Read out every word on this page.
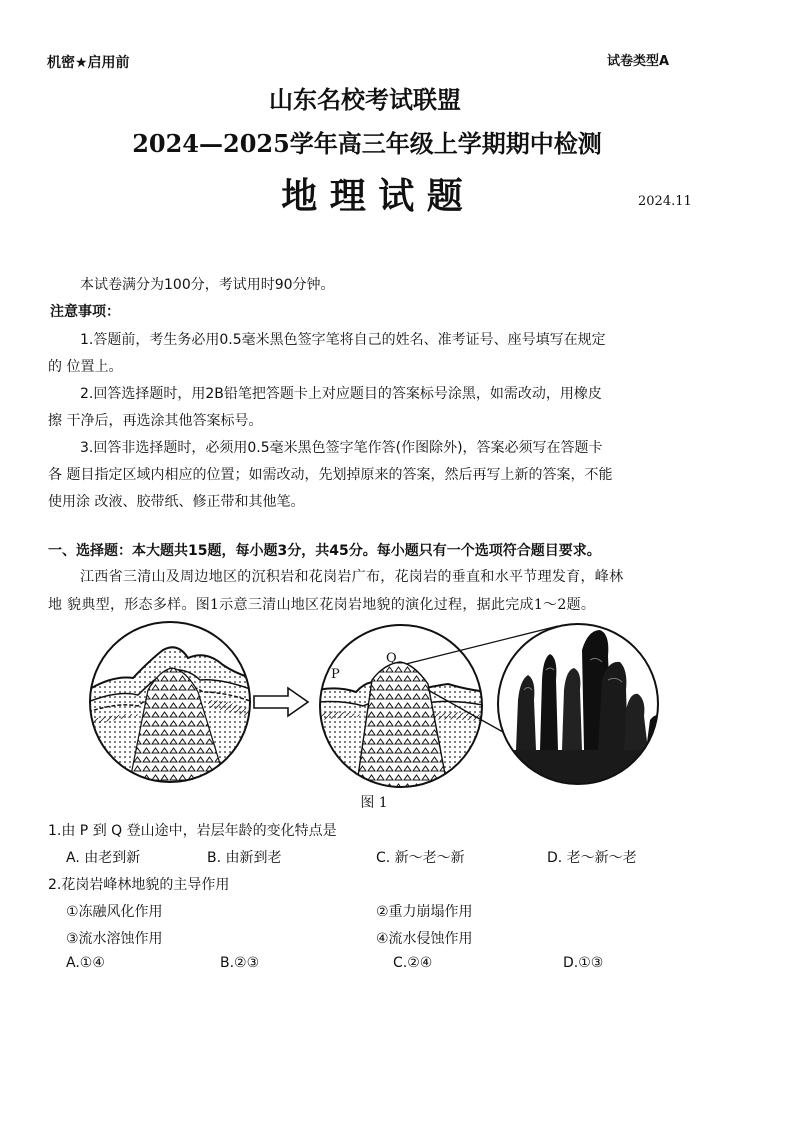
机密★启用前	试卷类型A
山东名校考试联盟
2024—2025学年高三年级上学期期中检测
地 理 试 题	2024.11
本试卷满分为100分，考试用时90分钟。
注意事项：
1.答题前，考生务必用0.5毫米黑色签字笔将自己的姓名、准考证号、座号填写在规定
的 位置上。
2.回答选择题时，用2B铅笔把答题卡上对应题目的答案标号涂黑，如需改动，用橡皮
擦 干净后，再选涂其他答案标号。
3.回答非选择题时，必须用0.5毫米黑色签字笔作答(作图除外)，答案必须写在答题卡
各 题目指定区域内相应的位置；如需改动，先划掉原来的答案，然后再写上新的答案，不能
使用涂 改液、胶带纸、修正带和其他笔。
一、选择题：本大题共15题，每小题3分，共45分。每小题只有一个选项符合题目要求。
江西省三清山及周边地区的沉积岩和花岗岩广布，花岗岩的垂直和水平节理发育，峰林
地 貌典型，形态多样。图1示意三清山地区花岗岩地貌的演化过程，据此完成1～2题。
P
Q
图 1
1.由 P 到 Q 登山途中，岩层年龄的变化特点是
A. 由老到新	B. 由新到老	C. 新～老～新	D. 老～新～老
2.花岗岩峰林地貌的主导作用
①冻融风化作用	②重力崩塌作用
③流水溶蚀作用	④流水侵蚀作用
A.①④	B.②③	C.②④	D.①③
